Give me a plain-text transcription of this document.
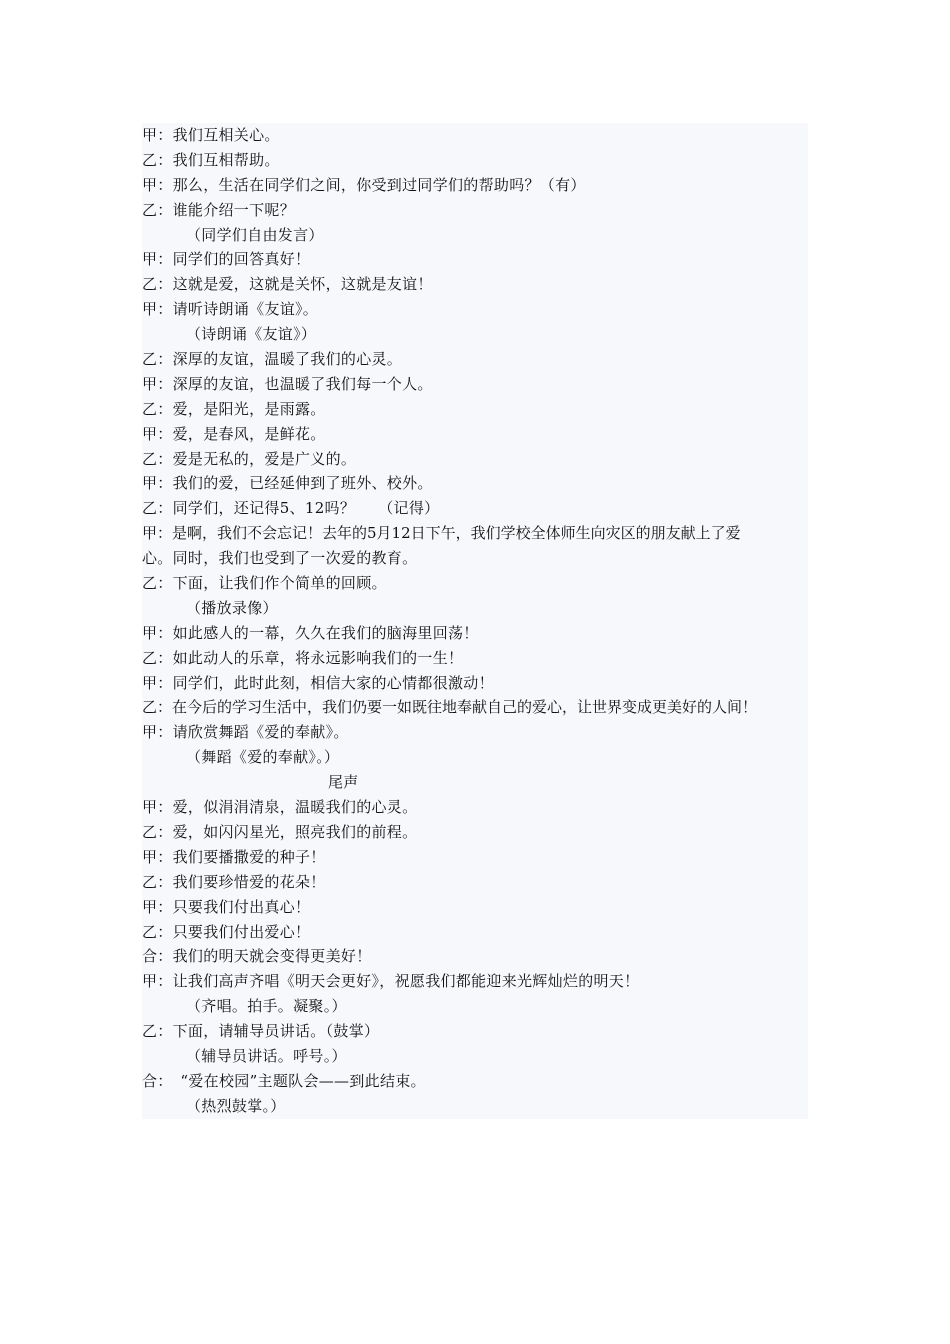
甲：我们互相关心。
乙：我们互相帮助。
甲：那么，生活在同学们之间，你受到过同学们的帮助吗？（有）
乙：谁能介绍一下呢？
（同学们自由发言）
甲：同学们的回答真好！
乙：这就是爱，这就是关怀，这就是友谊！
甲：请听诗朗诵《友谊》。
（诗朗诵《友谊》）
乙：深厚的友谊，温暖了我们的心灵。
甲：深厚的友谊，也温暖了我们每一个人。
乙：爱，是阳光，是雨露。
甲：爱，是春风，是鲜花。
乙：爱是无私的，爱是广义的。
甲：我们的爱，已经延伸到了班外、校外。
乙：同学们，还记得5、12吗？　　（记得）
甲：是啊，我们不会忘记！去年的5月12日下午，我们学校全体师生向灾区的朋友献上了爱
心。同时，我们也受到了一次爱的教育。
乙：下面，让我们作个简单的回顾。
（播放录像）
甲：如此感人的一幕，久久在我们的脑海里回荡！
乙：如此动人的乐章，将永远影响我们的一生！
甲：同学们，此时此刻，相信大家的心情都很激动！
乙：在今后的学习生活中，我们仍要一如既往地奉献自己的爱心，让世界变成更美好的人间！
甲：请欣赏舞蹈《爱的奉献》。
（舞蹈《爱的奉献》。）
尾声
甲：爱，似涓涓清泉，温暖我们的心灵。
乙：爱，如闪闪星光，照亮我们的前程。
甲：我们要播撒爱的种子！
乙：我们要珍惜爱的花朵！
甲：只要我们付出真心！
乙：只要我们付出爱心！
合：我们的明天就会变得更美好！
甲：让我们高声齐唱《明天会更好》，祝愿我们都能迎来光辉灿烂的明天！
（齐唱。拍手。凝聚。）
乙：下面，请辅导员讲话。（鼓掌）
（辅导员讲话。呼号。）
合：　“爱在校园”主题队会——到此结束。
（热烈鼓掌。）
